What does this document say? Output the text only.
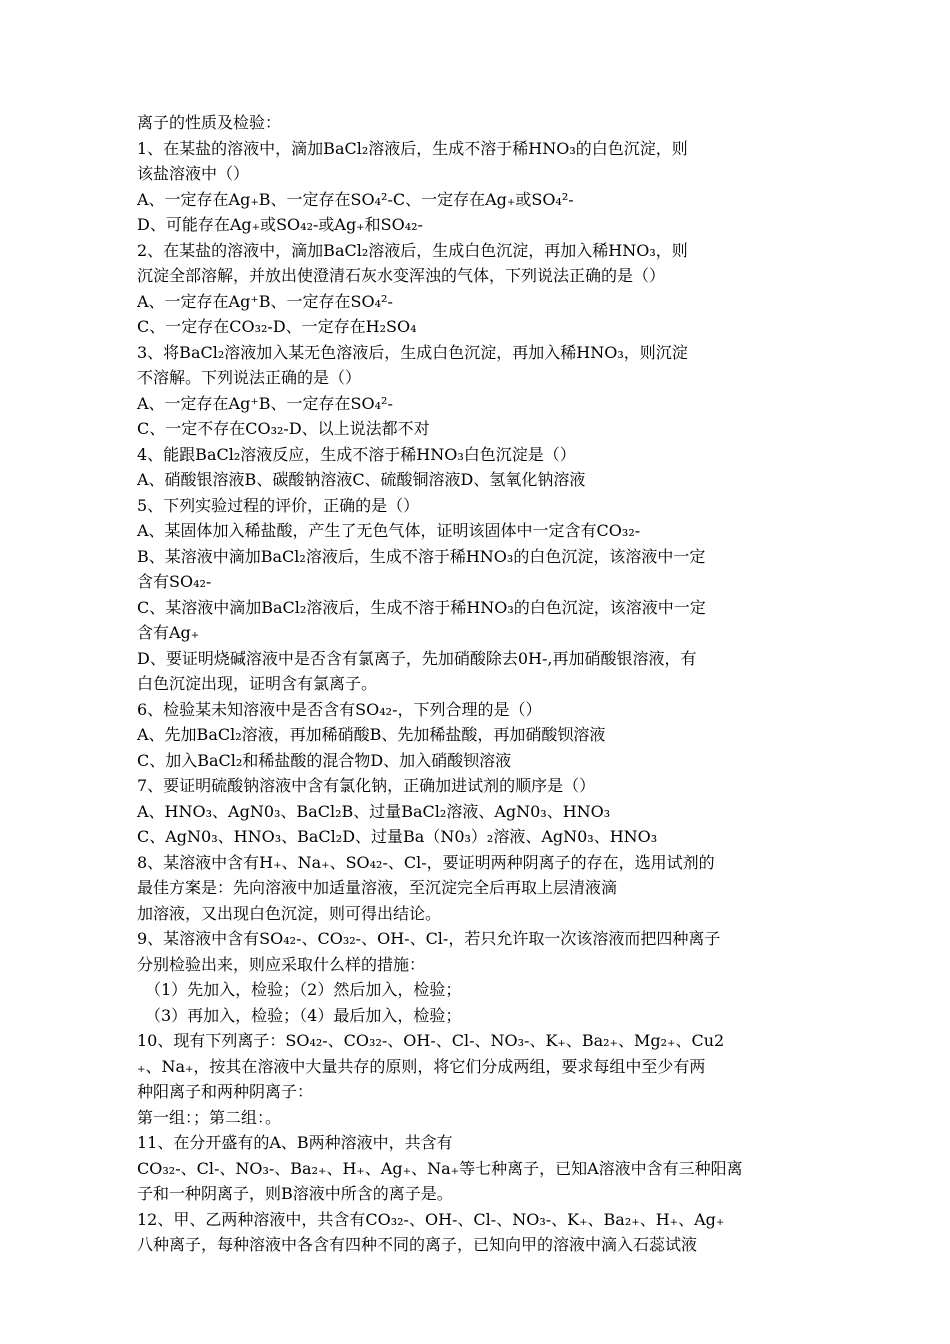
离子的性质及检验：
1、在某盐的溶液中，滴加BaCl₂溶液后，生成不溶于稀HNO₃的白色沉淀，则
该盐溶液中（）
A、一定存在Ag₊B、一定存在SO₄²-C、一定存在Ag₊或SO₄²-
D、可能存在Ag₊或SO₄₂-或Ag₊和SO₄₂-
2、在某盐的溶液中，滴加BaCl₂溶液后，生成白色沉淀，再加入稀HNO₃，则
沉淀全部溶解，并放出使澄清石灰水变浑浊的气体，下列说法正确的是（）
A、一定存在Ag⁺B、一定存在SO₄²-
C、一定存在CO₃₂-D、一定存在H₂SO₄
3、将BaCl₂溶液加入某无色溶液后，生成白色沉淀，再加入稀HNO₃，则沉淀
不溶解。下列说法正确的是（）
A、一定存在Ag⁺B、一定存在SO₄²-
C、一定不存在CO₃₂-D、以上说法都不对
4、能跟BaCl₂溶液反应，生成不溶于稀HNO₃白色沉淀是（）
A、硝酸银溶液B、碳酸钠溶液C、硫酸铜溶液D、氢氧化钠溶液
5、下列实验过程的评价，正确的是（）
A、某固体加入稀盐酸，产生了无色气体，证明该固体中一定含有CO₃₂-
B、某溶液中滴加BaCl₂溶液后，生成不溶于稀HNO₃的白色沉淀，该溶液中一定
含有SO₄₂-
C、某溶液中滴加BaCl₂溶液后，生成不溶于稀HNO₃的白色沉淀，该溶液中一定
含有Ag₊
D、要证明烧碱溶液中是否含有氯离子，先加硝酸除去0H-,再加硝酸银溶液，有
白色沉淀出现，证明含有氯离子。
6、检验某未知溶液中是否含有SO₄₂-，下列合理的是（）
A、先加BaCl₂溶液，再加稀硝酸B、先加稀盐酸，再加硝酸钡溶液
C、加入BaCl₂和稀盐酸的混合物D、加入硝酸钡溶液
7、要证明硫酸钠溶液中含有氯化钠，正确加进试剂的顺序是（）
A、HNO₃、AgN0₃、BaCl₂B、过量BaCl₂溶液、AgN0₃、HNO₃
C、AgN0₃、HNO₃、BaCl₂D、过量Ba（N0₃）₂溶液、AgN0₃、HNO₃
8、某溶液中含有H₊、Na₊、SO₄₂-、Cl-，要证明两种阴离子的存在，选用试剂的
最佳方案是：先向溶液中加适量溶液，至沉淀完全后再取上层清液滴
加溶液，又出现白色沉淀，则可得出结论。
9、某溶液中含有SO₄₂-、CO₃₂-、OH-、Cl-，若只允许取一次该溶液而把四种离子
分别检验出来，则应采取什么样的措施：
（1）先加入，检验；（2）然后加入，检验；
（3）再加入，检验；（4）最后加入，检验；
10、现有下列离子：SO₄₂-、CO₃₂-、OH-、Cl-、NO₃-、K₊、Ba₂₊、Mg₂₊、Cu2
₊、Na₊，按其在溶液中大量共存的原则，将它们分成两组，要求每组中至少有两
种阳离子和两种阴离子：
第一组：；第二组：。
11、在分开盛有的A、B两种溶液中，共含有
CO₃₂-、Cl-、NO₃-、Ba₂₊、H₊、Ag₊、Na₊等七种离子，已知A溶液中含有三种阳离
子和一种阴离子，则B溶液中所含的离子是。
12、甲、乙两种溶液中，共含有CO₃₂-、OH-、Cl-、NO₃-、K₊、Ba₂₊、H₊、Ag₊
八种离子，每种溶液中各含有四种不同的离子，已知向甲的溶液中滴入石蕊试液
